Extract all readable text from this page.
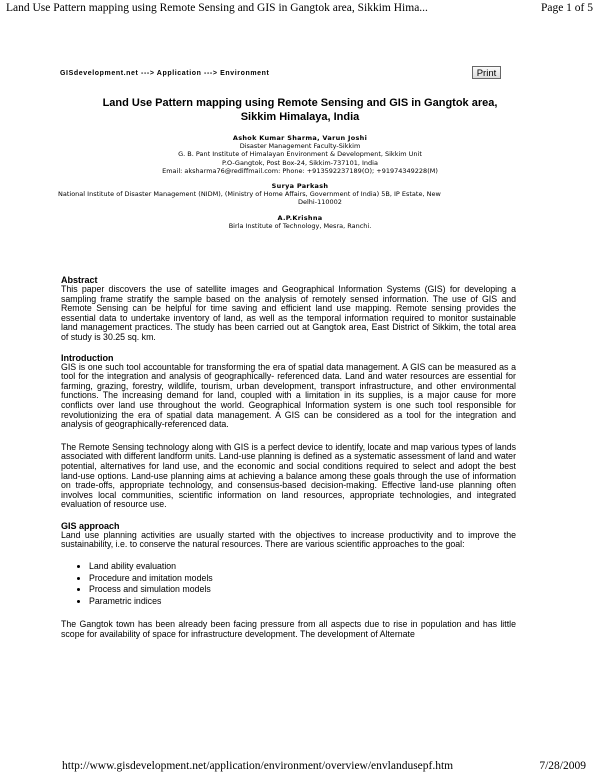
Land Use Pattern mapping using Remote Sensing and GIS in Gangtok area, Sikkim Hima...	Page 1 of 5
GISdevelopment.net ---> Application ---> Environment	Print
Land Use Pattern mapping using Remote Sensing and GIS in Gangtok area,
Sikkim Himalaya, India
Ashok Kumar Sharma, Varun Joshi
Disaster Management Faculty-Sikkim
G. B. Pant Institute of Himalayan Environment & Development, Sikkim Unit
P.O-Gangtok, Post Box-24, Sikkim-737101, India
Email: aksharma76@rediffmail.com: Phone: +913592237189(O); +91974349228(M)
Surya Parkash
National Institute of Disaster Management (NIDM), (Ministry of Home Affairs, Government of India) 5B, IP Estate, New
Delhi-110002
A.P.Krishna
Birla Institute of Technology, Mesra, Ranchi.
Abstract

This paper discovers the use of satellite images and Geographical Information Systems (GIS) for developing a sampling frame stratify the sample based on the analysis of remotely sensed information. The use of GIS and Remote Sensing can be helpful for time saving and efficient land use mapping. Remote sensing provides the essential data to undertake inventory of land, as well as the temporal information required to monitor sustainable land management practices. The study has been carried out at Gangtok area, East District of Sikkim, the total area of study is 30.25 sq. km.

Introduction

GIS is one such tool accountable for transforming the era of spatial data management. A GIS can be measured as a tool for the integration and analysis of geographically- referenced data. Land and water resources are essential for farming, grazing, forestry, wildlife, tourism, urban development, transport infrastructure, and other environmental functions. The increasing demand for land, coupled with a limitation in its supplies, is a major cause for more conflicts over land use throughout the world. Geographical Information system is one such tool responsible for revolutionizing the era of spatial data management. A GIS can be considered as a tool for the integration and analysis of geographically-referenced data.

The Remote Sensing technology along with GIS is a perfect device to identify, locate and map various types of lands associated with different landform units. Land-use planning is defined as a systematic assessment of land and water potential, alternatives for land use, and the economic and social conditions required to select and adopt the best land-use options. Land-use planning aims at achieving a balance among these goals through the use of information on trade-offs, appropriate technology, and consensus-based decision-making. Effective land-use planning often involves local communities, scientific information on land resources, appropriate technologies, and integrated evaluation of resource use.

GIS approach

Land use planning activities are usually started with the objectives to increase productivity and to improve the sustainability, i.e. to conserve the natural resources. There are various scientific approaches to the goal:

• Land ability evaluation
• Procedure and imitation models
• Process and simulation models
• Parametric indices

The Gangtok town has been already been facing pressure from all aspects due to rise in population and has little scope for availability of space for infrastructure development. The development of Alternate

http://www.gisdevelopment.net/application/environment/overview/envlandusepf.htm	7/28/2009
